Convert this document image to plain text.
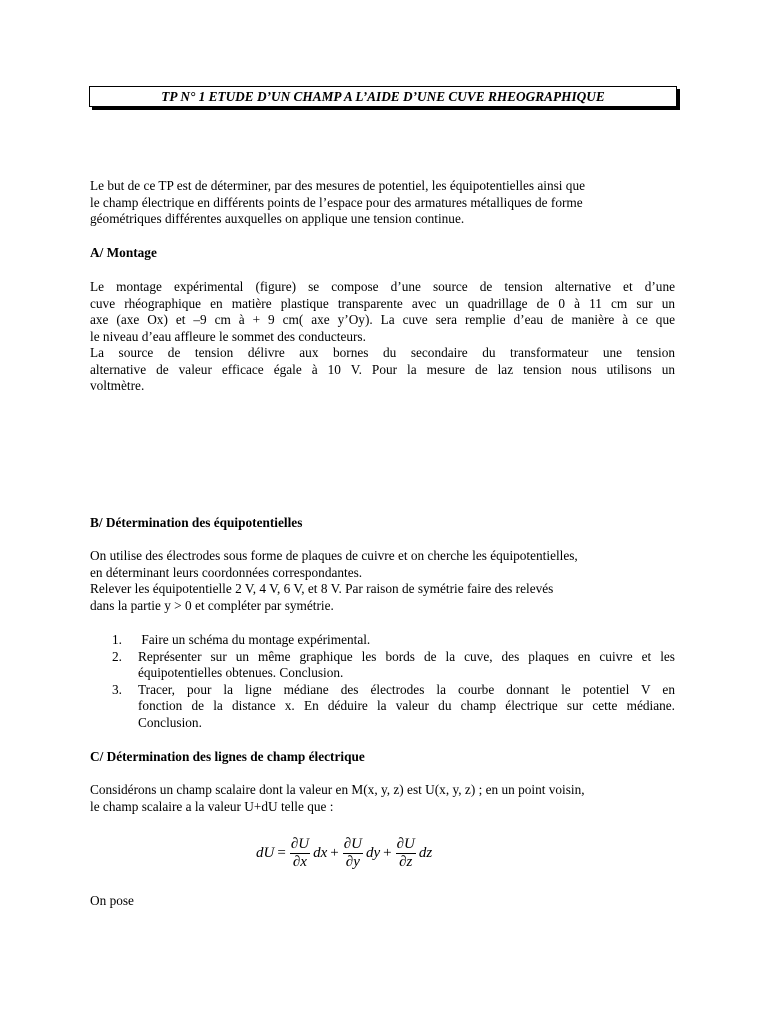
TP N° 1 ETUDE D’UN CHAMP A L’AIDE D’UNE CUVE RHEOGRAPHIQUE

Le but de ce TP est de déterminer, par des mesures de potentiel, les équipotentielles ainsi que

le champ électrique en différents points de l’espace pour des armatures métalliques de forme

géométriques différentes auxquelles on applique une tension continue.

A/ Montage

Le montage expérimental (figure) se compose d’une source de tension alternative et d’une

cuve rhéographique en matière plastique transparente avec un quadrillage de 0 à 11 cm sur un

axe (axe Ox) et –9 cm à + 9 cm( axe y’Oy). La cuve sera remplie d’eau de manière à ce que

le niveau d’eau affleure le sommet des conducteurs.

La source de tension délivre aux bornes du secondaire du transformateur une tension

alternative de valeur efficace égale à 10 V. Pour la mesure de laz tension nous utilisons un

voltmètre.

B/ Détermination des équipotentielles

On utilise des électrodes sous forme de plaques de cuivre et on cherche les équipotentielles,

en déterminant leurs coordonnées correspondantes.

Relever les équipotentielle 2 V, 4 V, 6 V, et 8 V. Par raison de symétrie faire des relevés

dans la partie y > 0 et compléter par symétrie.

1. Faire un schéma du montage expérimental.

2. Représenter sur un même graphique les bords de la cuve, des plaques en cuivre et les

équipotentielles obtenues. Conclusion.

3. Tracer, pour la ligne médiane des électrodes la courbe donnant le potentiel V en

fonction de la distance x. En déduire la valeur du champ électrique sur cette médiane.

Conclusion.

C/ Détermination des lignes de champ électrique

Considérons un champ scalaire dont la valeur en M(x, y, z) est U(x, y, z) ; en un point voisin,

le champ scalaire a la valeur U+dU telle que :

dU = $\frac{\partial U}{\partial x}$ dx + $\frac{\partial U}{\partial y}$ dy + $\frac{\partial U}{\partial z}$ dz

On pose
